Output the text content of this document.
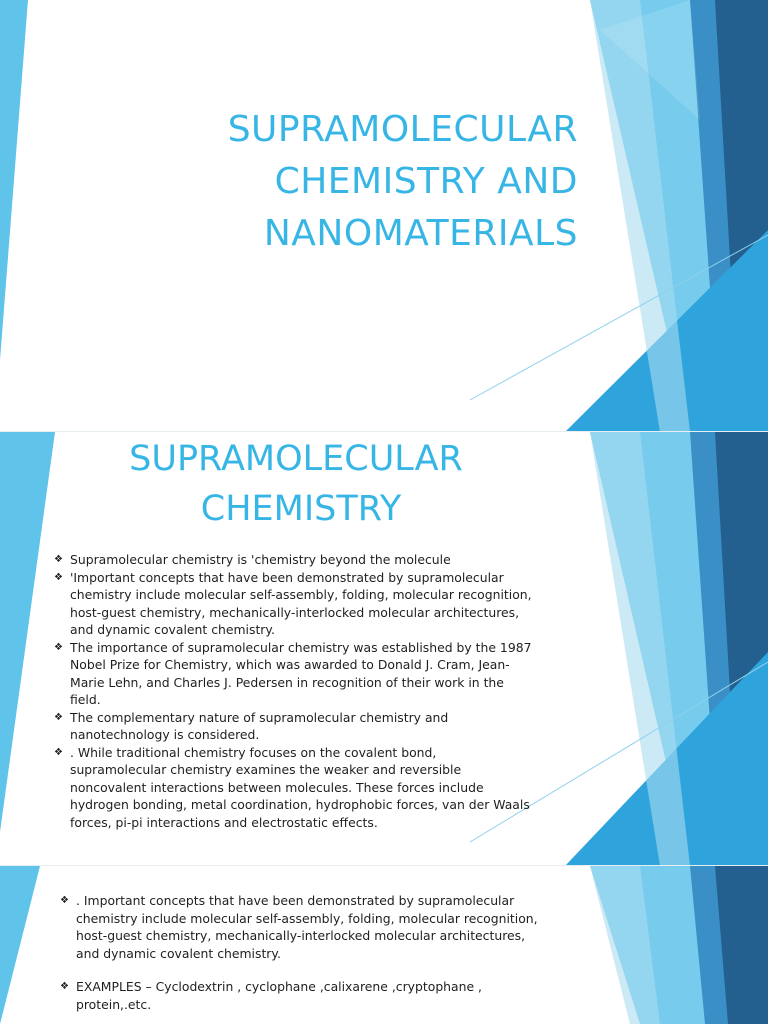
SUPRAMOLECULAR
CHEMISTRY AND
NANOMATERIALS
SUPRAMOLECULAR
CHEMISTRY
❖ Supramolecular chemistry is 'chemistry beyond the molecule
❖ 'Important concepts that have been demonstrated by supramolecular chemistry include molecular self-assembly, folding, molecular recognition, host-guest chemistry, mechanically-interlocked molecular architectures, and dynamic covalent chemistry.
❖ The importance of supramolecular chemistry was established by the 1987 Nobel Prize for Chemistry, which was awarded to Donald J. Cram, Jean-Marie Lehn, and Charles J. Pedersen in recognition of their work in the field.
❖ The complementary nature of supramolecular chemistry and nanotechnology is considered.
❖ . While traditional chemistry focuses on the covalent bond, supramolecular chemistry examines the weaker and reversible noncovalent interactions between molecules. These forces include hydrogen bonding, metal coordination, hydrophobic forces, van der Waals forces, pi-pi interactions and electrostatic effects.
❖ . Important concepts that have been demonstrated by supramolecular chemistry include molecular self-assembly, folding, molecular recognition, host-guest chemistry, mechanically-interlocked molecular architectures, and dynamic covalent chemistry.
❖ EXAMPLES – Cyclodextrin , cyclophane ,calixarene ,cryptophane , protein,.etc.
